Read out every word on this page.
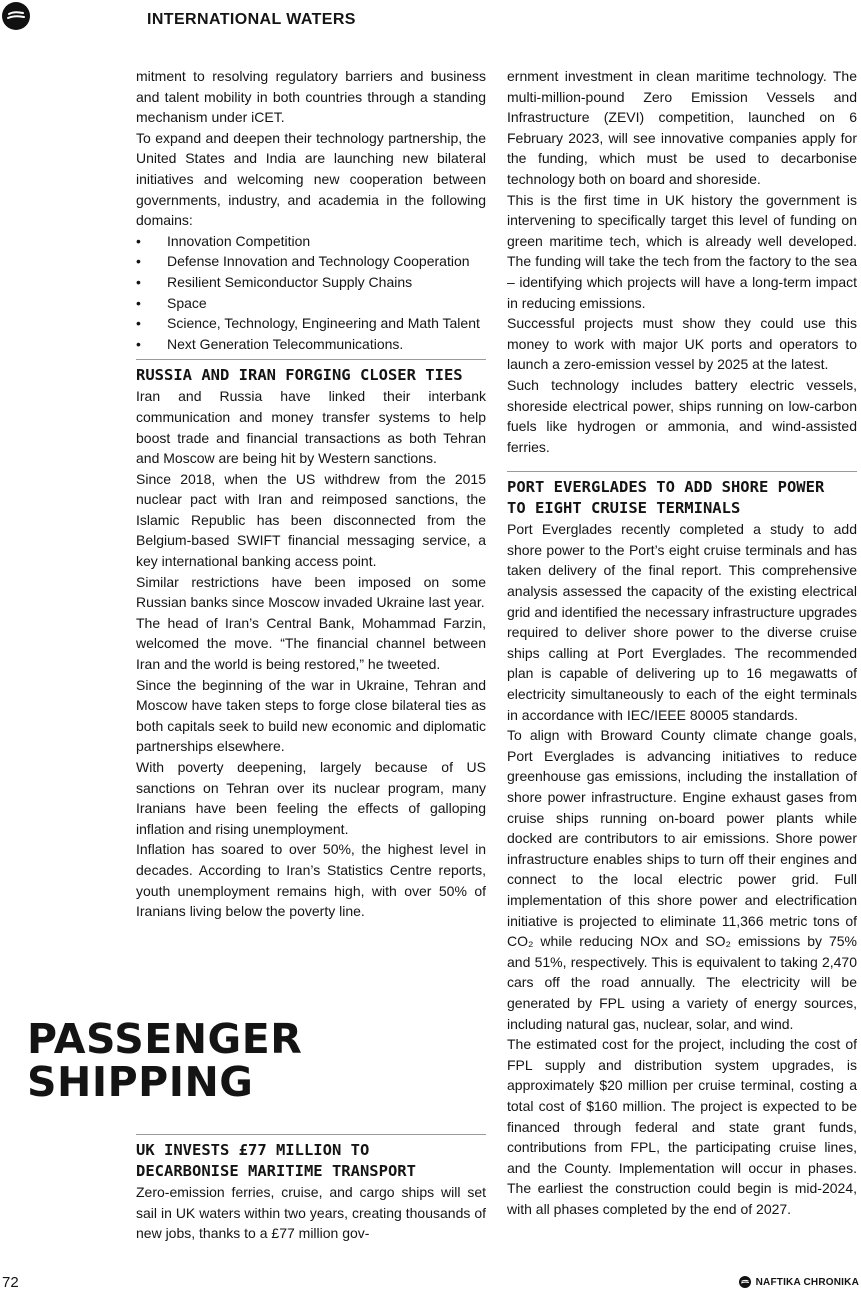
INTERNATIONAL WATERS

mitment to resolving regulatory barriers and business and talent mobility in both countries through a standing mechanism under iCET.

To expand and deepen their technology partnership, the United States and India are launching new bilateral initiatives and welcoming new cooperation between governments, industry, and academia in the following domains:

• Innovation Competition
• Defense Innovation and Technology Cooperation
• Resilient Semiconductor Supply Chains
• Space
• Science, Technology, Engineering and Math Talent
• Next Generation Telecommunications.
RUSSIA AND IRAN FORGING CLOSER TIES

Iran and Russia have linked their interbank communication and money transfer systems to help boost trade and financial transactions as both Tehran and Moscow are being hit by Western sanctions.

Since 2018, when the US withdrew from the 2015 nuclear pact with Iran and reimposed sanctions, the Islamic Republic has been disconnected from the Belgium-based SWIFT financial messaging service, a key international banking access point.

Similar restrictions have been imposed on some Russian banks since Moscow invaded Ukraine last year.

The head of Iran’s Central Bank, Mohammad Farzin, welcomed the move. “The financial channel between Iran and the world is being restored,” he tweeted.

Since the beginning of the war in Ukraine, Tehran and Moscow have taken steps to forge close bilateral ties as both capitals seek to build new economic and diplomatic partnerships elsewhere.

With poverty deepening, largely because of US sanctions on Tehran over its nuclear program, many Iranians have been feeling the effects of galloping inflation and rising unemployment.

Inflation has soared to over 50%, the highest level in decades. According to Iran’s Statistics Centre reports, youth unemployment remains high, with over 50% of Iranians living below the poverty line.

PASSENGER
SHIPPING
UK INVESTS £77 MILLION TO
DECARBONISE MARITIME TRANSPORT

Zero-emission ferries, cruise, and cargo ships will set sail in UK waters within two years, creating thousands of new jobs, thanks to a £77 million gov-

ernment investment in clean maritime technology. The multi-million-pound Zero Emission Vessels and Infrastructure (ZEVI) competition, launched on 6 February 2023, will see innovative companies apply for the funding, which must be used to decarbonise technology both on board and shoreside.

This is the first time in UK history the government is intervening to specifically target this level of funding on green maritime tech, which is already well developed. The funding will take the tech from the factory to the sea – identifying which projects will have a long-term impact in reducing emissions.

Successful projects must show they could use this money to work with major UK ports and operators to launch a zero-emission vessel by 2025 at the latest.

Such technology includes battery electric vessels, shoreside electrical power, ships running on low-carbon fuels like hydrogen or ammonia, and wind-assisted ferries.

PORT EVERGLADES TO ADD SHORE POWER
TO EIGHT CRUISE TERMINALS

Port Everglades recently completed a study to add shore power to the Port’s eight cruise terminals and has taken delivery of the final report. This comprehensive analysis assessed the capacity of the existing electrical grid and identified the necessary infrastructure upgrades required to deliver shore power to the diverse cruise ships calling at Port Everglades. The recommended plan is capable of delivering up to 16 megawatts of electricity simultaneously to each of the eight terminals in accordance with IEC/IEEE 80005 standards.

To align with Broward County climate change goals, Port Everglades is advancing initiatives to reduce greenhouse gas emissions, including the installation of shore power infrastructure. Engine exhaust gases from cruise ships running on-board power plants while docked are contributors to air emissions. Shore power infrastructure enables ships to turn off their engines and connect to the local electric power grid. Full implementation of this shore power and electrification initiative is projected to eliminate 11,366 metric tons of CO₂ while reducing NOx and SO₂ emissions by 75% and 51%, respectively. This is equivalent to taking 2,470 cars off the road annually. The electricity will be generated by FPL using a variety of energy sources, including natural gas, nuclear, solar, and wind.

The estimated cost for the project, including the cost of FPL supply and distribution system upgrades, is approximately $20 million per cruise terminal, costing a total cost of $160 million. The project is expected to be financed through federal and state grant funds, contributions from FPL, the participating cruise lines, and the County. Implementation will occur in phases. The earliest the construction could begin is mid-2024, with all phases completed by the end of 2027.

72	NAFTIKA CHRONIKA
